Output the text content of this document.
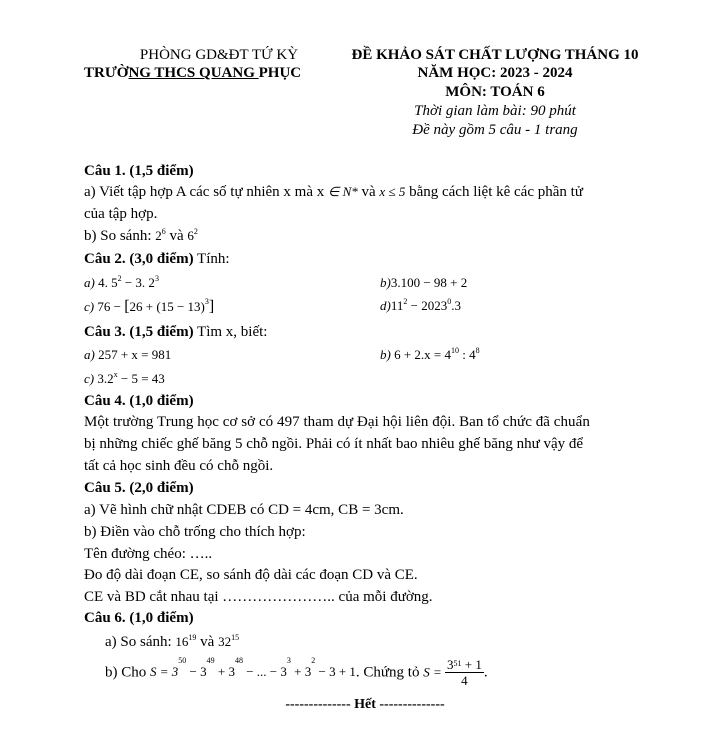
PHÒNG GD&ĐT TỨ KỲ
TRƯỜNG THCS QUANG PHỤC
ĐỀ KHẢO SÁT CHẤT LƯỢNG THÁNG 10
NĂM HỌC: 2023 - 2024
MÔN: TOÁN 6
Thời gian làm bài: 90 phút
Đề này gồm 5 câu - 1 trang
Câu 1. (1,5 điểm)
a) Viết tập hợp A các số tự nhiên x mà x ∈ N* và x ≤ 5 bằng cách liệt kê các phần tử
của tập hợp.
b) So sánh: $2^6$ và $6^2$
Câu 2. (3,0 điểm) Tính:
a) 4. $5^2 - 3$. $2^3$	b)3.100 − 98 + 2
c) $76 - [26 + (15 - 13)^3]$	$d)11^2 - 2023^0.3$
Câu 3. (1,5 điểm) Tìm x, biết:
a) 257 + x = 981	b) $6 + 2.x = 4^{10}$ : $4^8$
c) $3.2^x - 5 = 43$
Câu 4. (1,0 điểm)
Một trường Trung học cơ sở có 497 tham dự Đại hội liên đội. Ban tổ chức đã chuẩn
bị những chiếc ghế băng 5 chỗ ngồi. Phải có ít nhất bao nhiêu ghế băng như vậy để
tất cả học sinh đều có chỗ ngồi.
Câu 5. (2,0 điểm)
a) Vẽ hình chữ nhật CDEB có CD = 4cm, CB = 3cm.
b) Điền vào chỗ trống cho thích hợp:
Tên đường chéo: …..
Đo độ dài đoạn CE, so sánh độ dài các đoạn CD và CE.
CE và BD cắt nhau tại ………………….. của mỗi đường.
Câu 6. (1,0 điểm)
a) So sánh: $16^{19}$ và $32^{15}$
b) Cho $S = 3^{50} - 3^{49} + 3^{48}$ − ... − $3^3 + 3^2 - 3 + 1$. Chứng tỏ $S = \frac{3^{51} + 1}{4}$ .
-------------- Hết --------------
